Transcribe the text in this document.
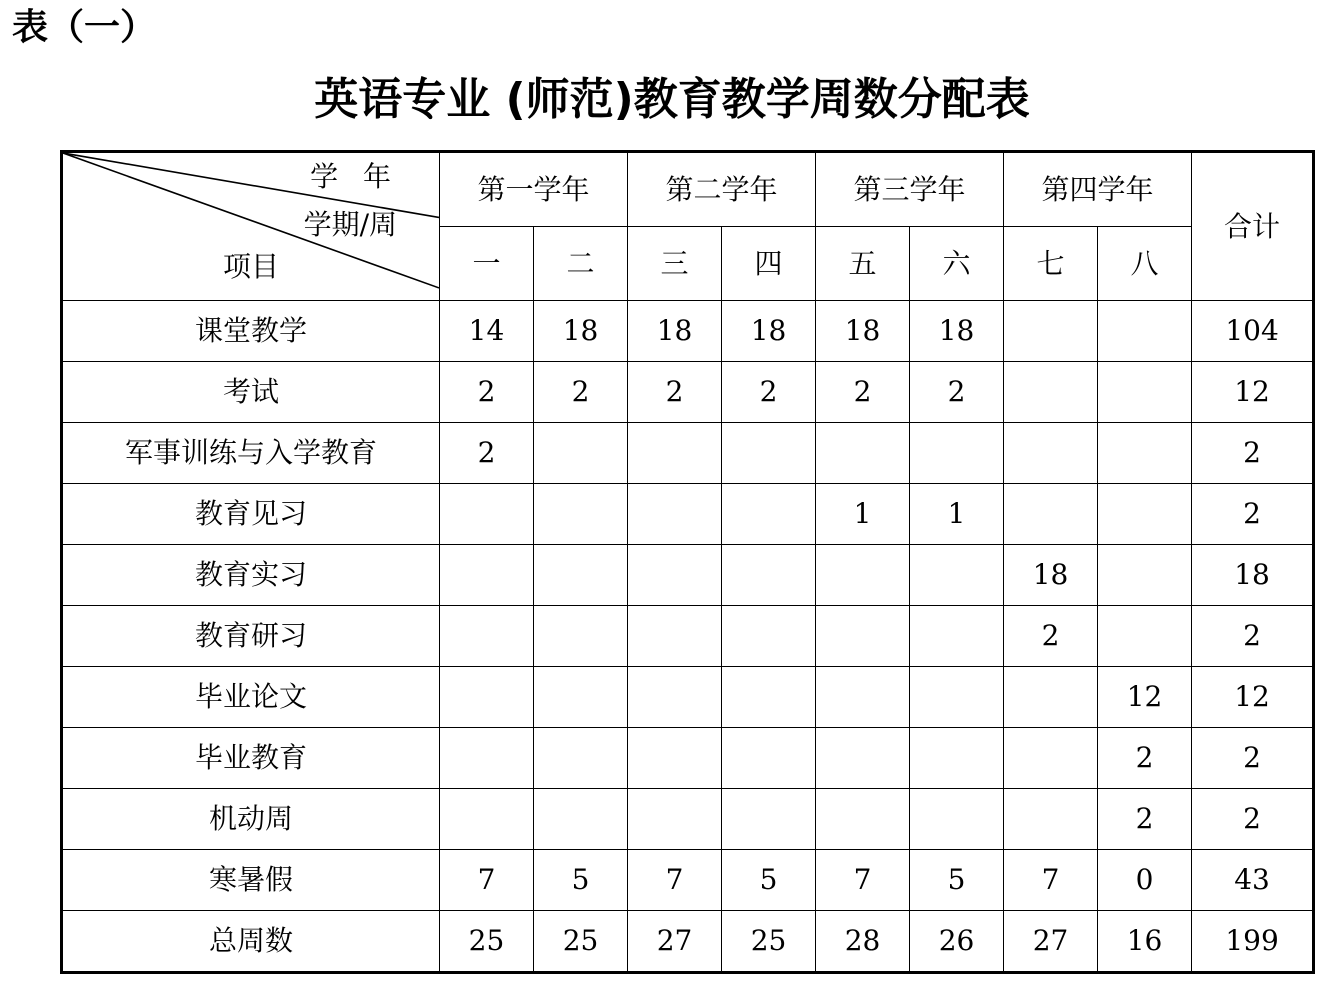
表（一）
英语专业 (师范)教育教学周数分配表
学 年
学期/周
项目	第一学年		第二学年		第三学年		第四学年		合计
	一	二	三	四	五	六	七	八	
课堂教学	14	18	18	18	18	18			104
考试	2	2	2	2	2	2			12
军事训练与入学教育	2								2
教育见习					1	1			2
教育实习							18		18
教育研习							2		2
毕业论文								12	12
毕业教育								2	2
机动周								2	2
寒暑假	7	5	7	5	7	5	7	0	43
总周数	25	25	27	25	28	26	27	16	199
